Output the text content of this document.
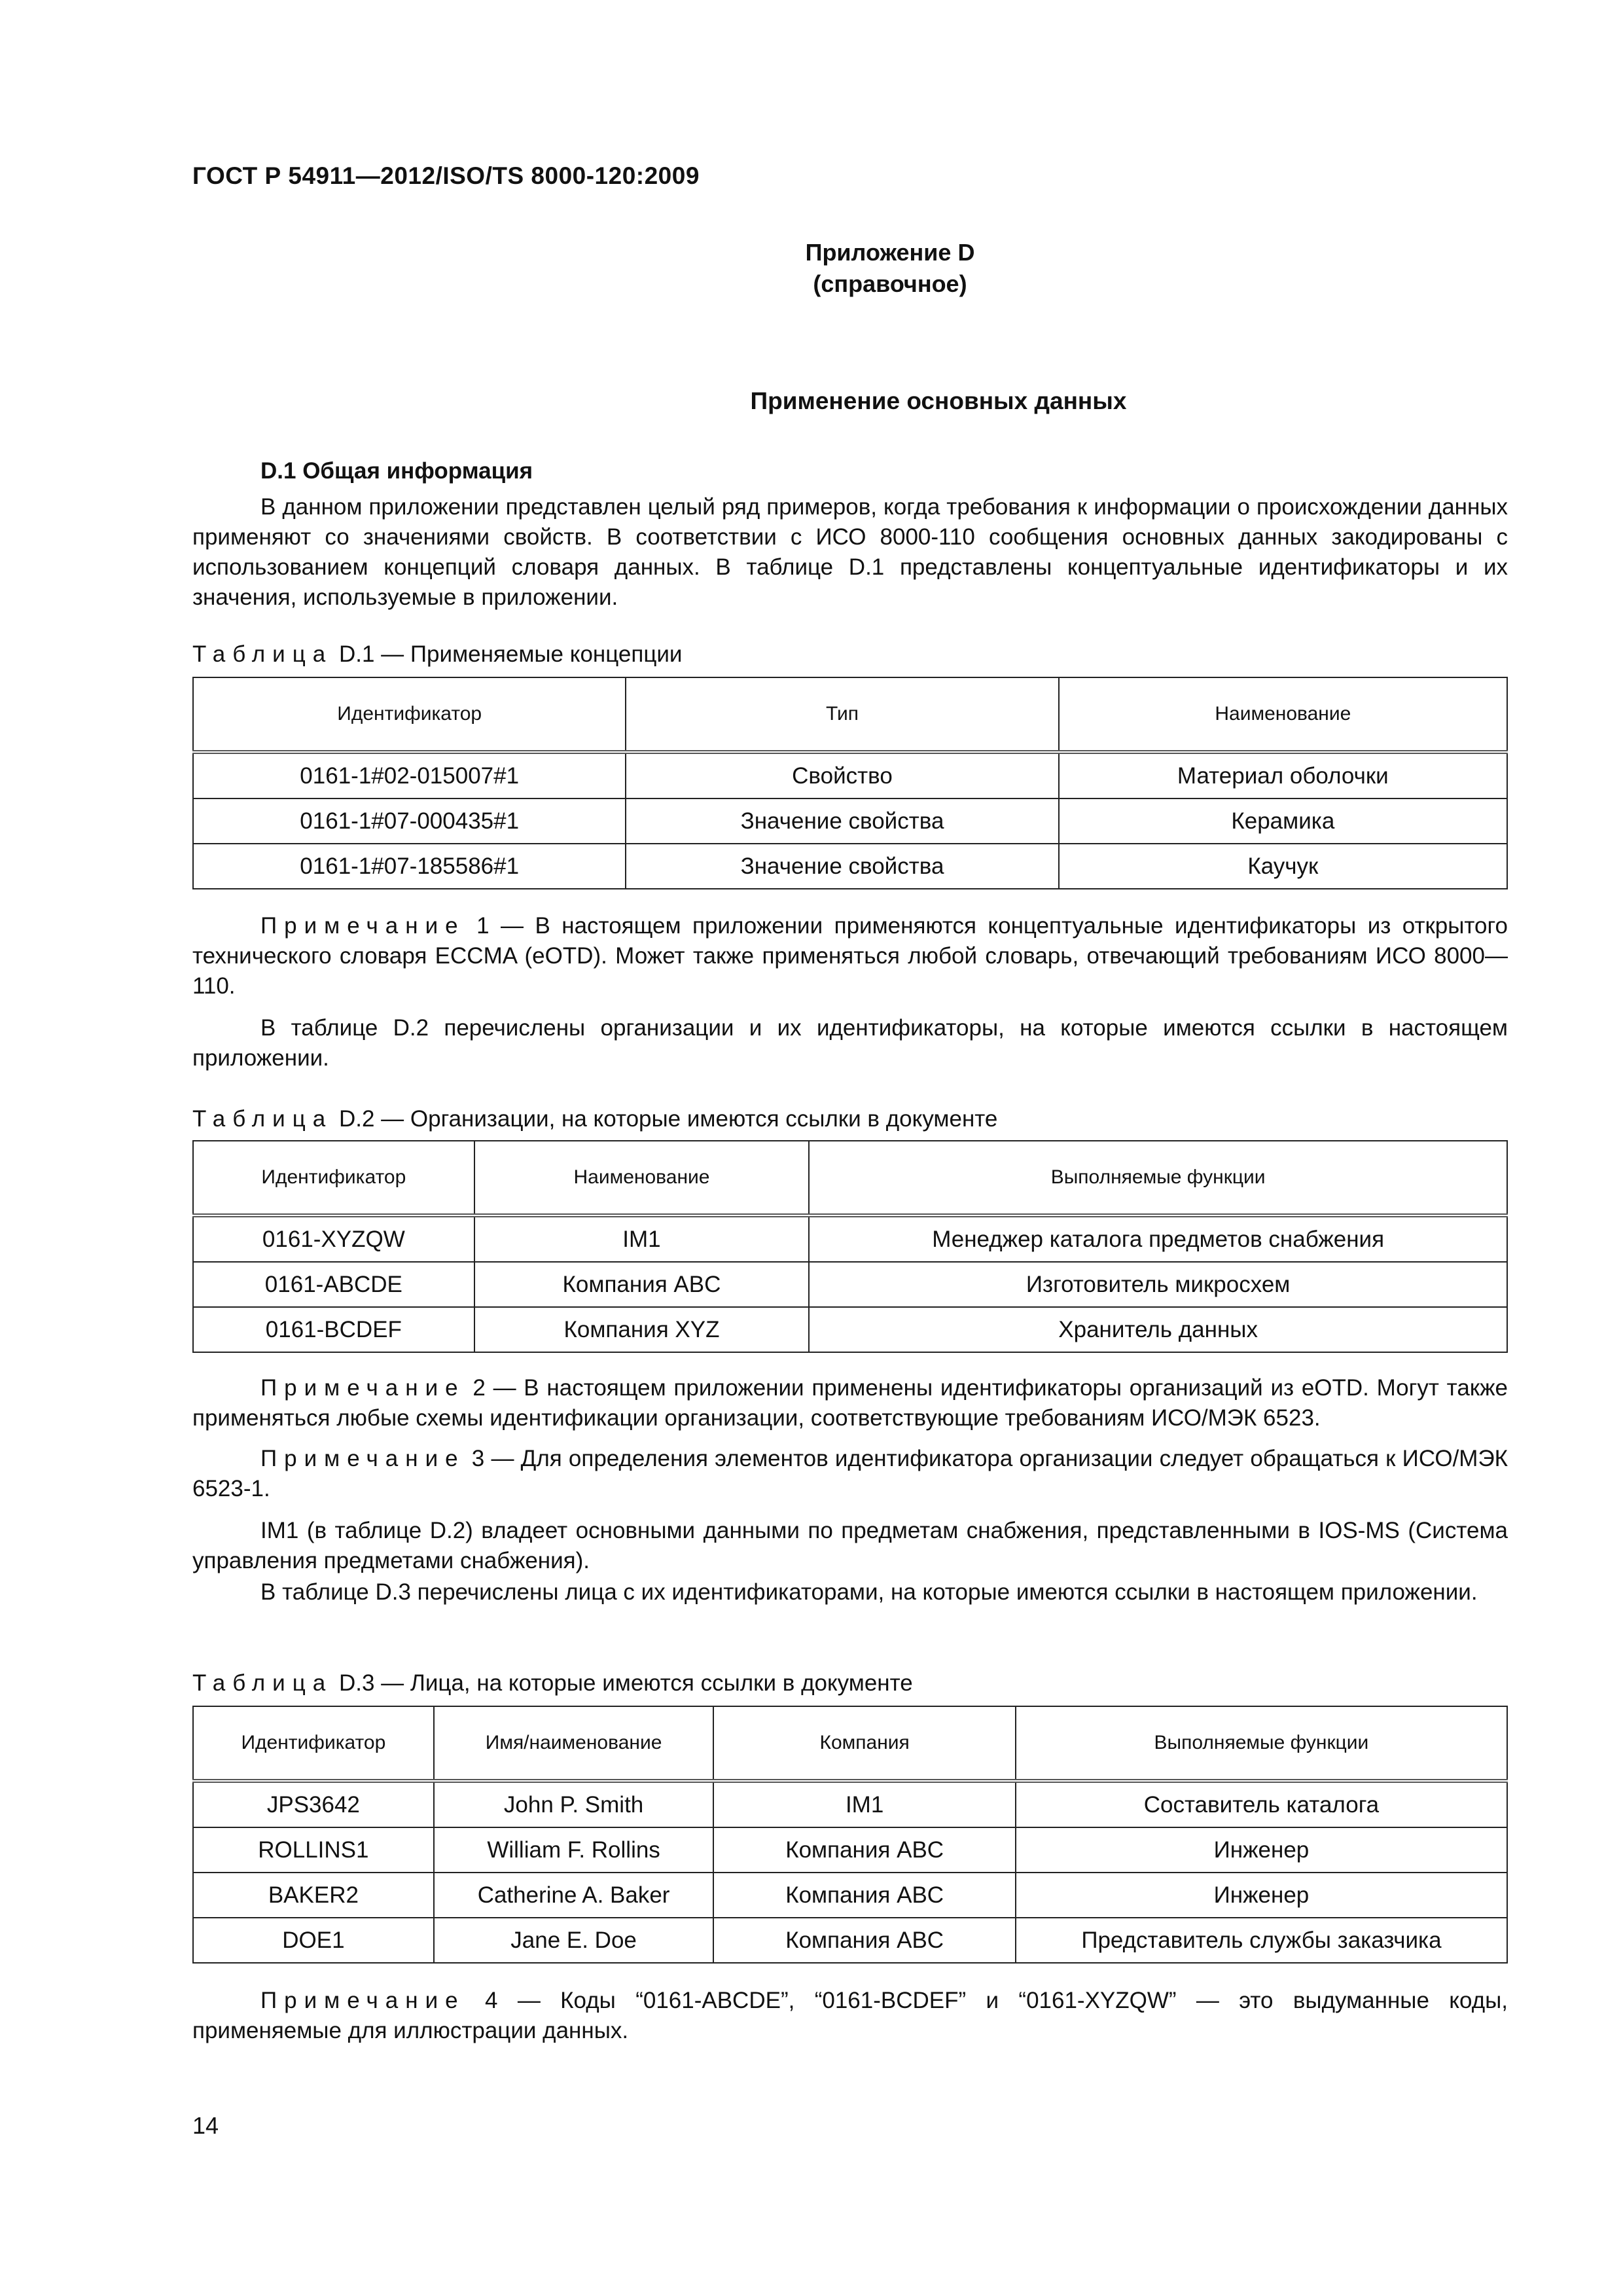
ГОСТ Р 54911—2012/ISO/TS 8000-120:2009
Приложение D
(справочное)
Применение основных данных
D.1 Общая информация

В данном приложении представлен целый ряд примеров, когда требования к информации о происхождении данных применяют со значениями свойств. В соответствии с ИСО 8000-110 сообщения основных данных закодированы с использованием концепций словаря данных. В таблице D.1 представлены концептуальные идентификаторы и их значения, используемые в приложении.

Таблица D.1 — Применяемые концепции
Идентификатор	Тип	Наименование
0161-1#02-015007#1	Свойство	Материал оболочки
0161-1#07-000435#1	Значение свойства	Керамика
0161-1#07-185586#1	Значение свойства	Каучук

Примечание 1 — В настоящем приложении применяются концептуальные идентификаторы из открытого технического словаря ECCMA (eOTD). Может также применяться любой словарь, отвечающий требованиям ИСО 8000—110.

В таблице D.2 перечислены организации и их идентификаторы, на которые имеются ссылки в настоящем приложении.

Таблица D.2 — Организации, на которые имеются ссылки в документе
Идентификатор	Наименование	Выполняемые функции
0161-XYZQW	IM1	Менеджер каталога предметов снабжения
0161-ABCDE	Компания ABC	Изготовитель микросхем
0161-BCDEF	Компания XYZ	Хранитель данных

Примечание 2 — В настоящем приложении применены идентификаторы организаций из eOTD. Могут также применяться любые схемы идентификации организации, соответствующие требованиям ИСО/МЭК 6523.

Примечание 3 — Для определения элементов идентификатора организации следует обращаться к ИСО/МЭК 6523-1.

IM1 (в таблице D.2) владеет основными данными по предметам снабжения, представленными в IOS-MS (Система управления предметами снабжения).

В таблице D.3 перечислены лица с их идентификаторами, на которые имеются ссылки в настоящем приложении.

Таблица D.3 — Лица, на которые имеются ссылки в документе
Идентификатор	Имя/наименование	Компания	Выполняемые функции
JPS3642	John P. Smith	IM1	Составитель каталога
ROLLINS1	William F. Rollins	Компания ABC	Инженер
BAKER2	Catherine A. Baker	Компания ABC	Инженер
DOE1	Jane E. Doe	Компания ABC	Представитель службы заказчика

Примечание 4 — Коды “0161-ABCDE”, “0161-BCDEF” и “0161-XYZQW” — это выдуманные коды, применяемые для иллюстрации данных.

14
